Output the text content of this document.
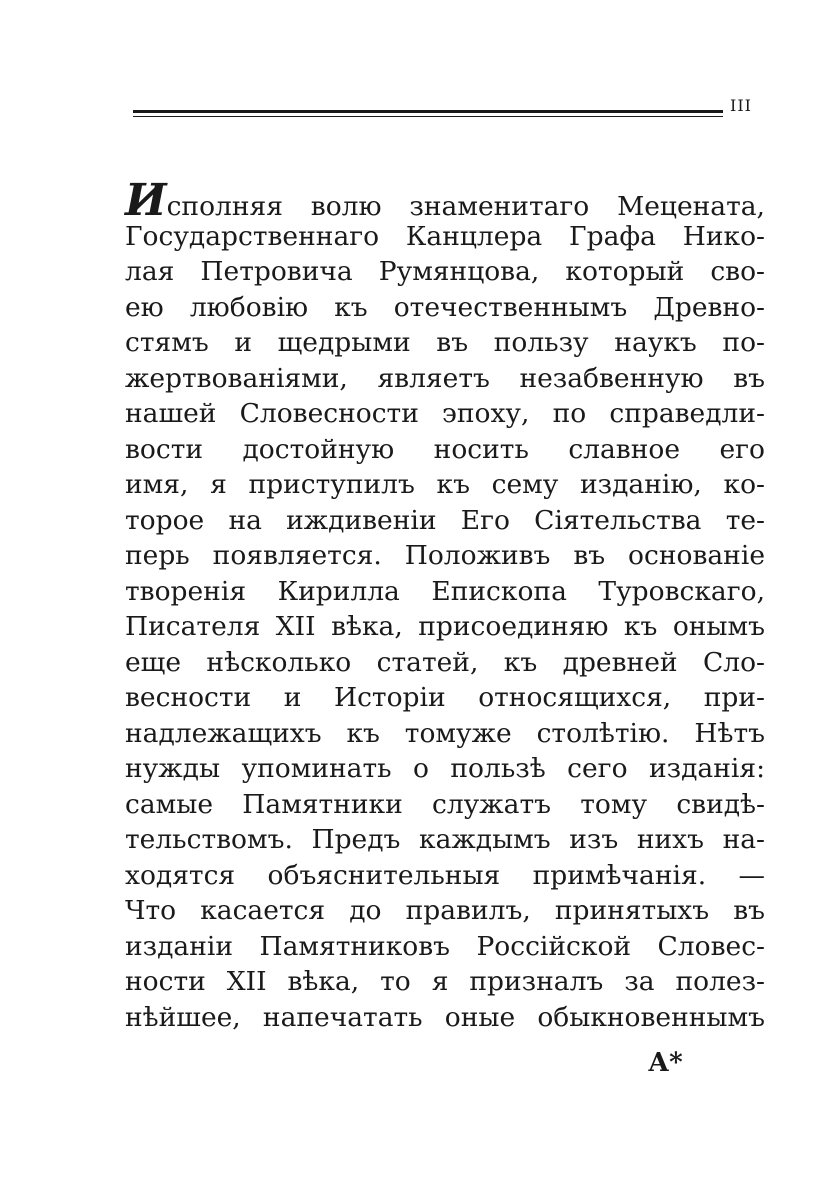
III
Исполняя волю знаменитаго Мецената,
Государственнаго Канцлера Графа Нико-
лая Петровича Румянцова, который сво-
ею любовію къ отечественнымъ Древно-
стямъ и щедрыми въ пользу наукъ по-
жертвованіями, являетъ незабвенную въ
нашей Словесности эпоху, по справедли-
вости достойную носить славное его
имя, я приступилъ къ сему изданію, ко-
торое на иждивеніи Его Сіятельства те-
перь появляется. Положивъ въ основаніе
творенія Кирилла Епископа Туровскаго,
Писателя XII вѣка, присоединяю къ онымъ
еще нѣсколько статей, къ древней Сло-
весности и Исторіи относящихся, при-
надлежащихъ къ томуже столѣтію. Нѣтъ
нужды упоминать о пользѣ сего изданія:
самые Памятники служатъ тому свидѣ-
тельствомъ. Предъ каждымъ изъ нихъ на-
ходятся объяснительныя примѣчанія. —
Что касается до правилъ, принятыхъ въ
изданіи Памятниковъ Россійской Словес-
ности XII вѣка, то я призналъ за полез-
нѣйшее, напечатать оные обыкновеннымъ
А*
